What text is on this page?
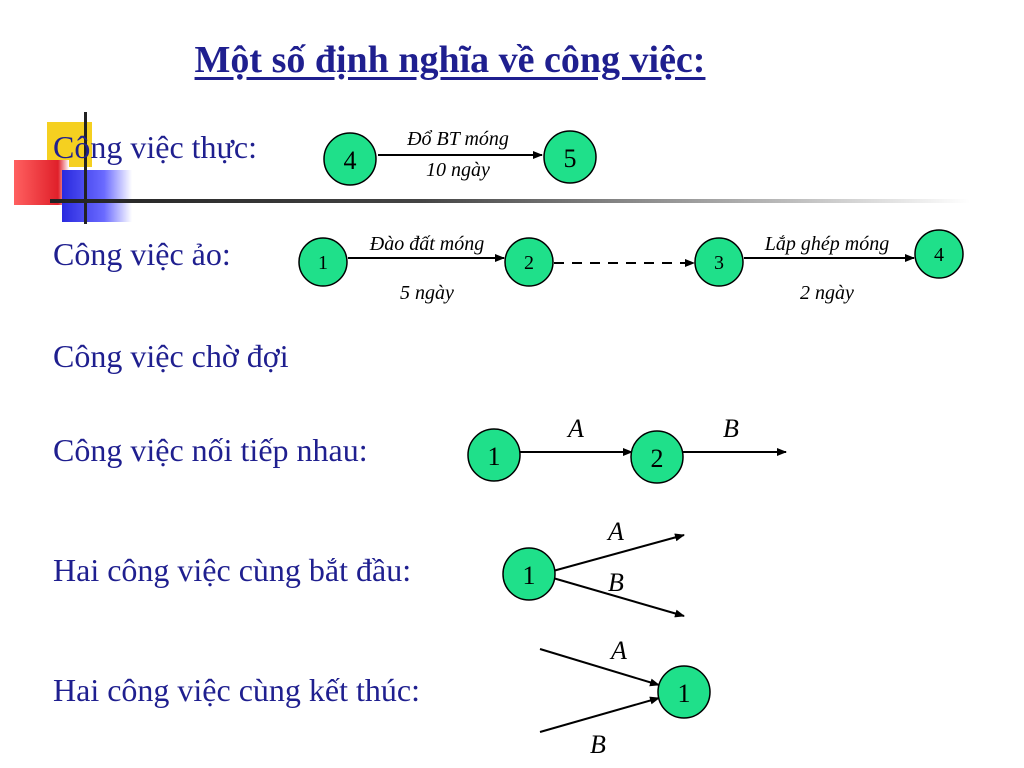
Một số định nghĩa về công việc:
Công việc thực:
Công việc ảo:
Công việc chờ đợi
Công việc nối tiếp nhau:
Hai công việc cùng bắt đầu:
Hai công việc cùng kết thúc:
4	5
Đổ BT móng
10 ngày
1	2	3	4
Đào đất móng
5 ngày
Lắp ghép móng
2 ngày
1	2
A	B
1
A
B
1
A
B
